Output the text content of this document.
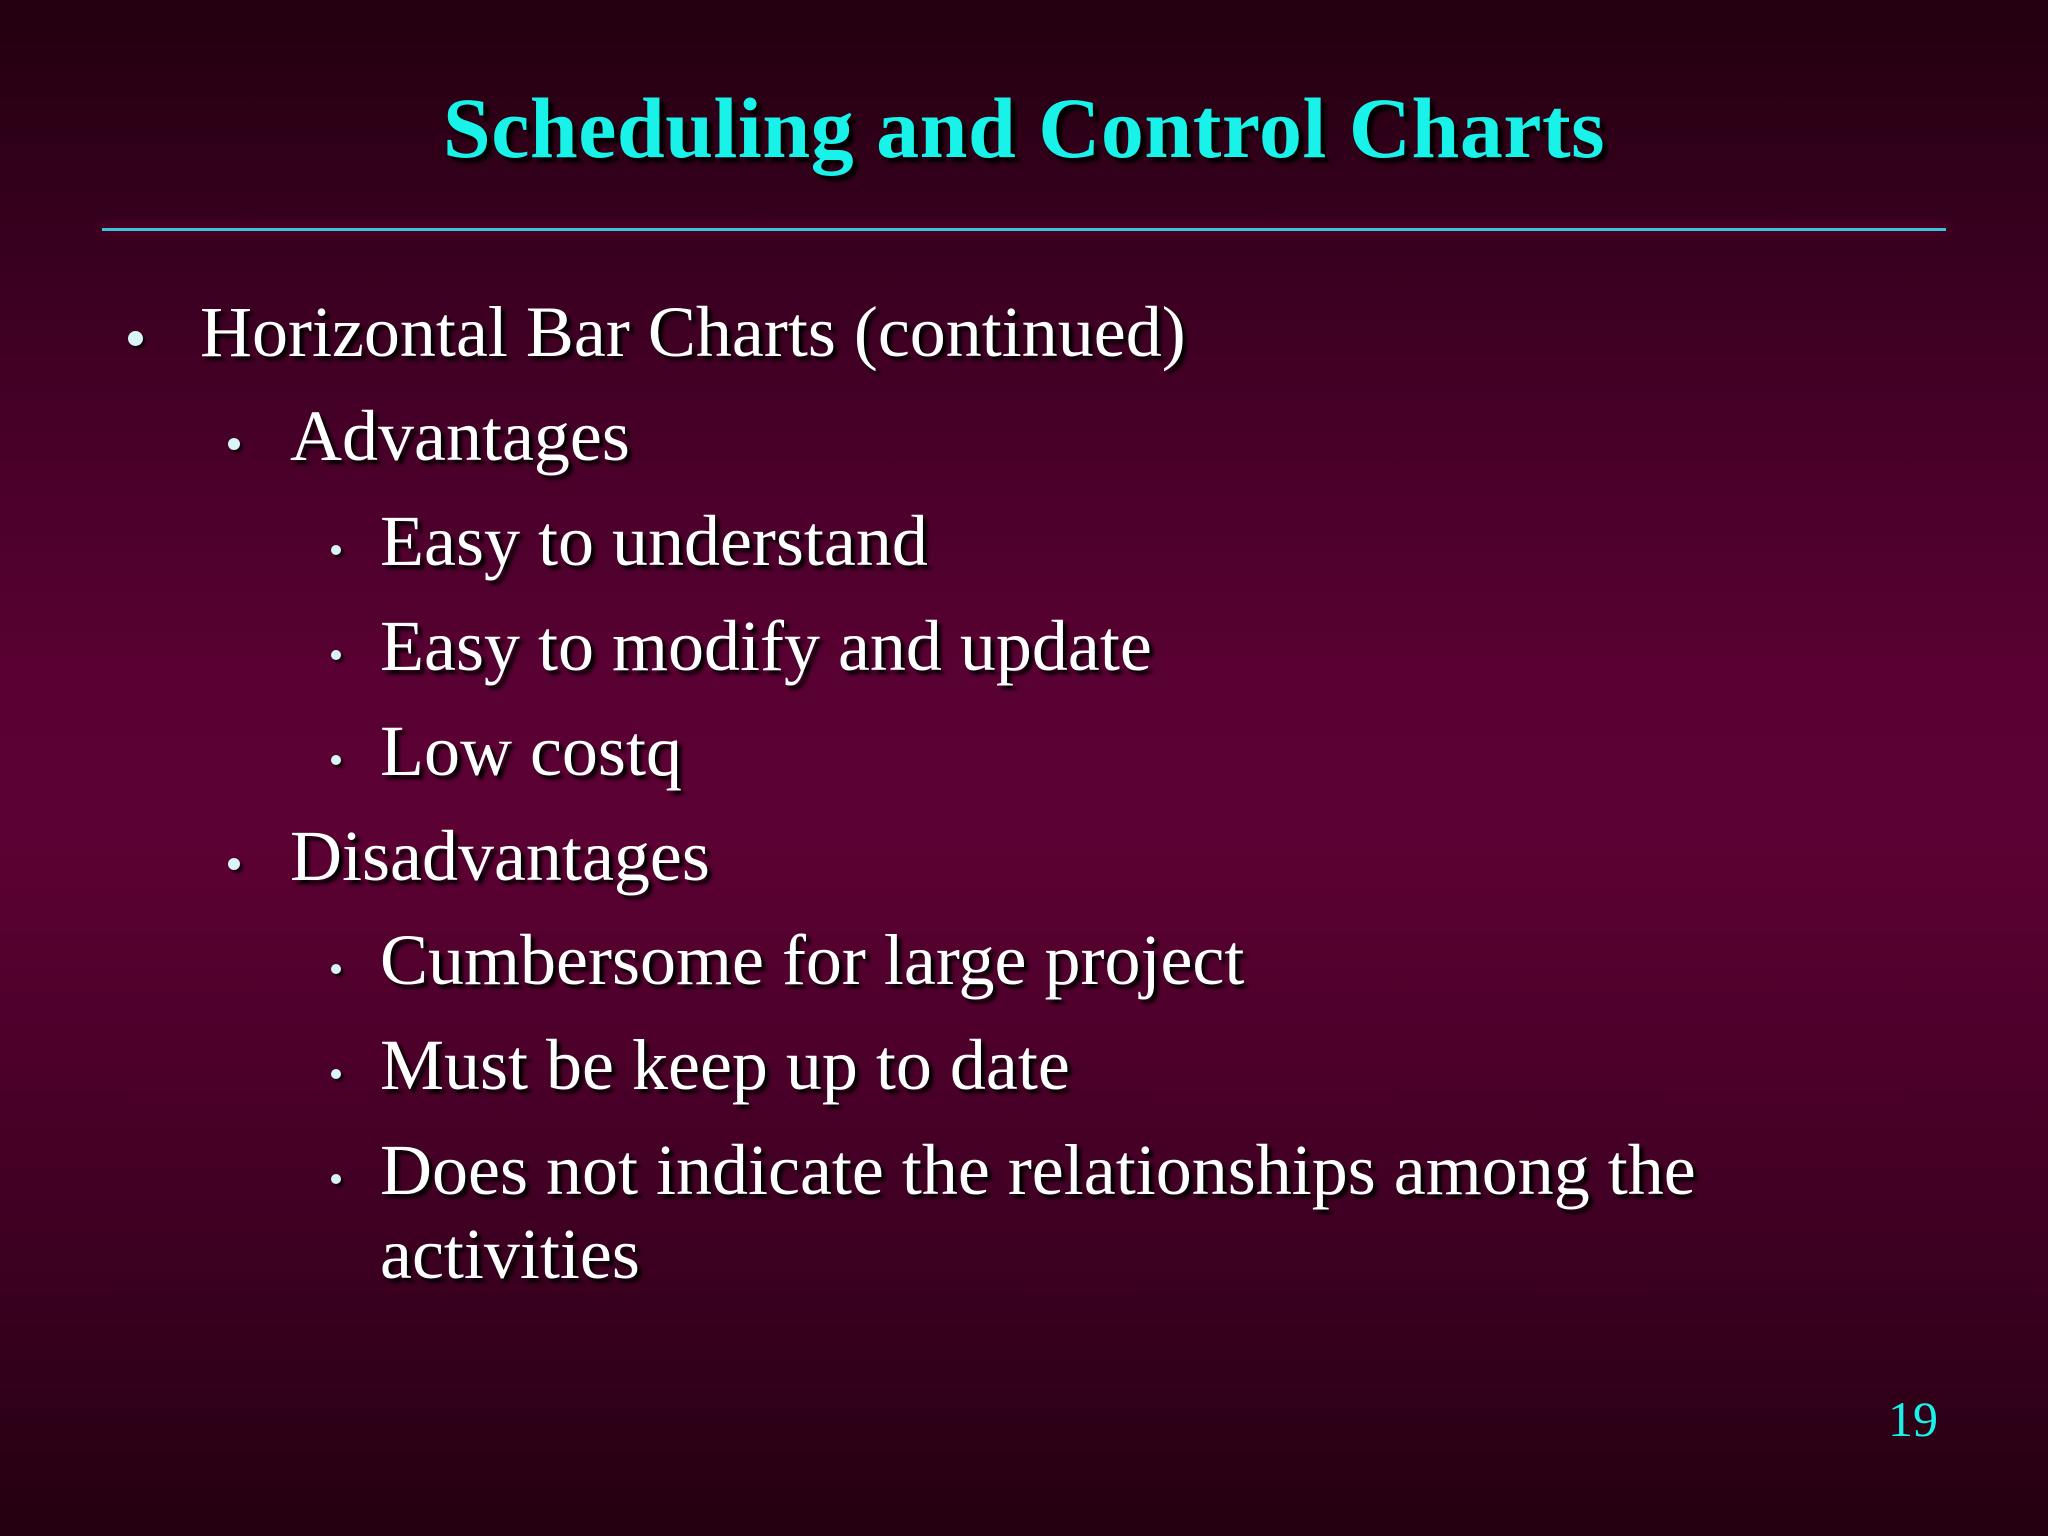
Scheduling and Control Charts
Horizontal Bar Charts (continued)
Advantages
Easy to understand
Easy to modify and update
Low costq
Disadvantages
Cumbersome for large project
Must be keep up to date
Does not indicate the relationships among the activities
19
